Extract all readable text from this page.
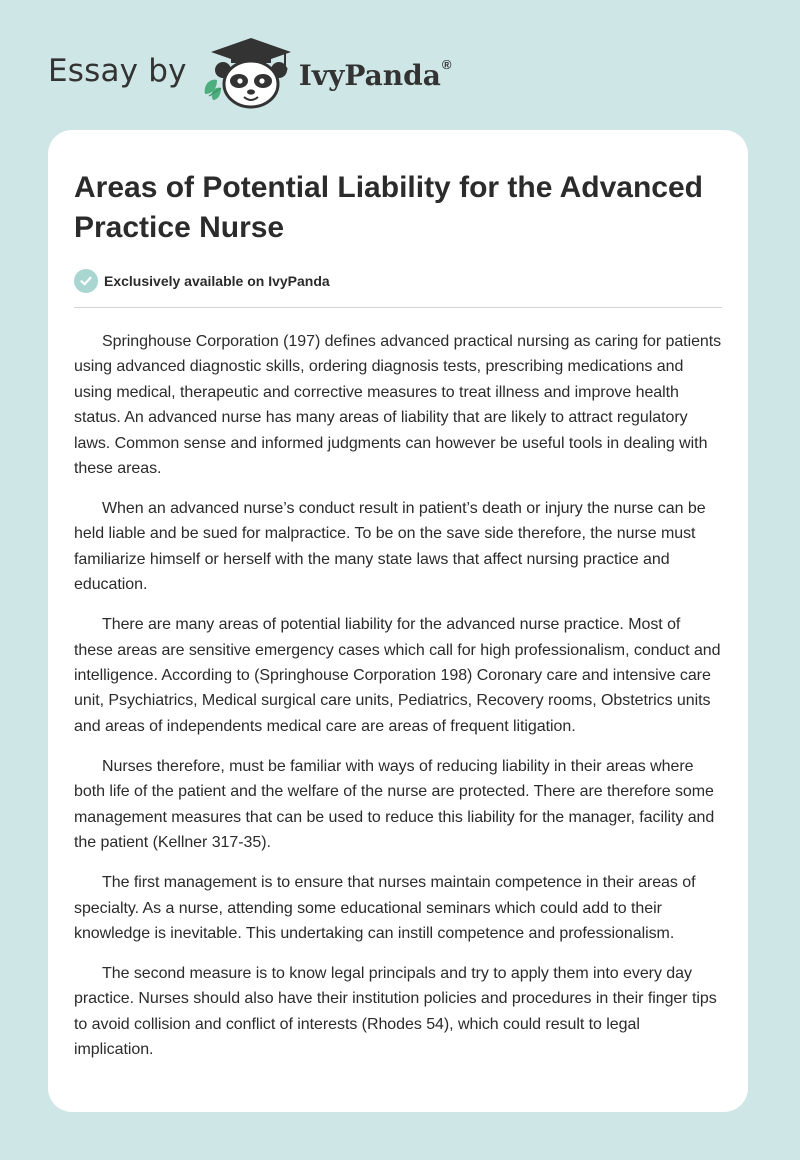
Essay by	IvyPanda®
Areas of Potential Liability for the Advanced Practice Nurse
Exclusively available on IvyPanda

Springhouse Corporation (197) defines advanced practical nursing as caring for patients using advanced diagnostic skills, ordering diagnosis tests, prescribing medications and using medical, therapeutic and corrective measures to treat illness and improve health status. An advanced nurse has many areas of liability that are likely to attract regulatory laws. Common sense and informed judgments can however be useful tools in dealing with these areas.

When an advanced nurse’s conduct result in patient’s death or injury the nurse can be held liable and be sued for malpractice. To be on the save side therefore, the nurse must familiarize himself or herself with the many state laws that affect nursing practice and education.

There are many areas of potential liability for the advanced nurse practice. Most of these areas are sensitive emergency cases which call for high professionalism, conduct and intelligence. According to (Springhouse Corporation 198) Coronary care and intensive care unit, Psychiatrics, Medical surgical care units, Pediatrics, Recovery rooms, Obstetrics units and areas of independents medical care are areas of frequent litigation.

Nurses therefore, must be familiar with ways of reducing liability in their areas where both life of the patient and the welfare of the nurse are protected. There are therefore some management measures that can be used to reduce this liability for the manager, facility and the patient (Kellner 317-35).

The first management is to ensure that nurses maintain competence in their areas of specialty. As a nurse, attending some educational seminars which could add to their knowledge is inevitable. This undertaking can instill competence and professionalism.

The second measure is to know legal principals and try to apply them into every day practice. Nurses should also have their institution policies and procedures in their finger tips to avoid collision and conflict of interests (Rhodes 54), which could result to legal implication.
